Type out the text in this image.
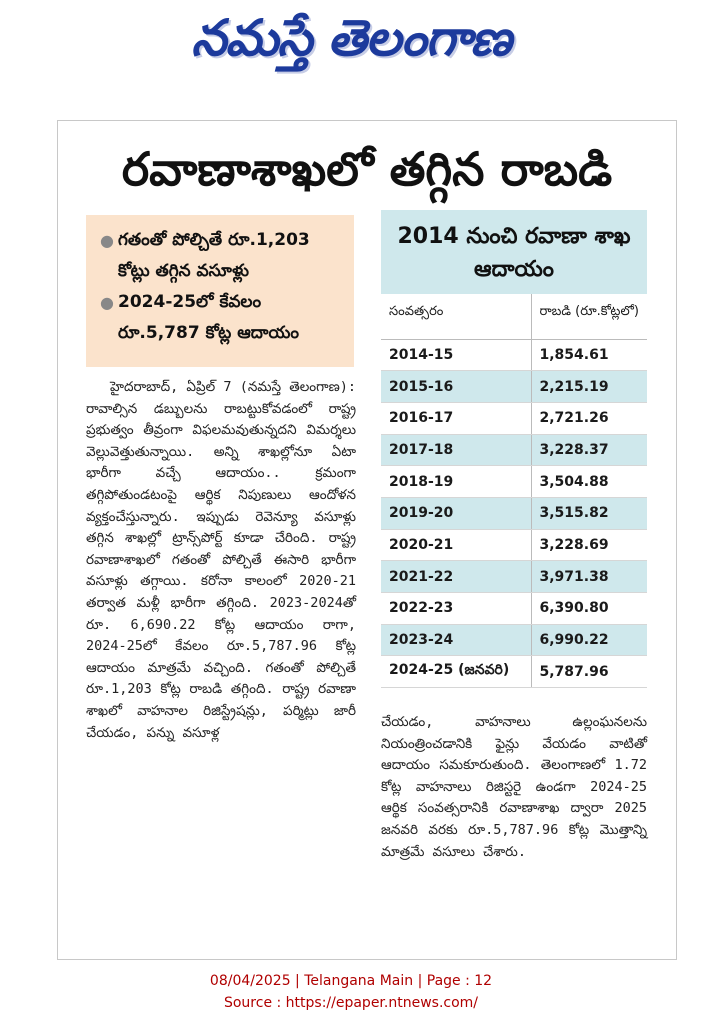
నమస్తే తెలంగాణ
రవాణాశాఖలో తగ్గిన రాబడి
● గతంతో పోల్చితే రూ.1,203 కోట్లు తగ్గిన వసూళ్లు
● 2024-25లో కేవలం రూ.5,787 కోట్ల ఆదాయం
హైదరాబాద్, ఏప్రిల్ 7 (నమస్తే తెలంగాణ): రావాల్సిన డబ్బులను రాబట్టుకోవడంలో రాష్ట్ర ప్రభుత్వం తీవ్రంగా విఫలమవుతున్నదని విమర్శలు వెల్లువెత్తుతున్నాయి. అన్ని శాఖల్లోనూ ఏటా భారీగా వచ్చే ఆదాయం.. క్రమంగా తగ్గిపోతుండటంపై ఆర్థిక నిపుణులు ఆందోళన వ్యక్తంచేస్తున్నారు. ఇప్పుడు రెవెన్యూ వసూళ్లు తగ్గిన శాఖల్లో ట్రాన్స్‌పోర్ట్ కూడా చేరింది. రాష్ట్ర రవాణాశాఖలో గతంతో పోల్చితే ఈసారి భారీగా వసూళ్లు తగ్గాయి. కరోనా కాలంలో 2020-21 తర్వాత మళ్లీ భారీగా తగ్గింది. 2023-2024తో రూ. 6,690.22 కోట్ల ఆదాయం రాగా, 2024-25లో కేవలం రూ.5,787.96 కోట్ల ఆదాయం మాత్రమే వచ్చింది. గతంతో పోల్చితే రూ.1,203 కోట్ల రాబడి తగ్గింది. రాష్ట్ర రవాణా శాఖలో వాహనాల రిజిస్ట్రేషన్లు, పర్మిట్లు జారీ చేయడం, పన్ను వసూళ్ల
2014 నుంచి రవాణా శాఖ ఆదాయం
సంవత్సరం	రాబడి (రూ.కోట్లలో)
2014-15	1,854.61
2015-16	2,215.19
2016-17	2,721.26
2017-18	3,228.37
2018-19	3,504.88
2019-20	3,515.82
2020-21	3,228.69
2021-22	3,971.38
2022-23	6,390.80
2023-24	6,990.22
2024-25 (జనవరి)	5,787.96
చేయడం, వాహనాలు ఉల్లంఘనలను నియంత్రించడానికి ఫైన్లు వేయడం వాటితో ఆదాయం సమకూరుతుంది. తెలంగాణలో 1.72 కోట్ల వాహనాలు రిజిస్టరై ఉండగా 2024-25 ఆర్థిక సంవత్సరానికి రవాణాశాఖ ద్వారా 2025 జనవరి వరకు రూ.5,787.96 కోట్ల మొత్తాన్ని మాత్రమే వసూలు చేశారు.
08/04/2025 | Telangana Main | Page : 12
Source : https://epaper.ntnews.com/
